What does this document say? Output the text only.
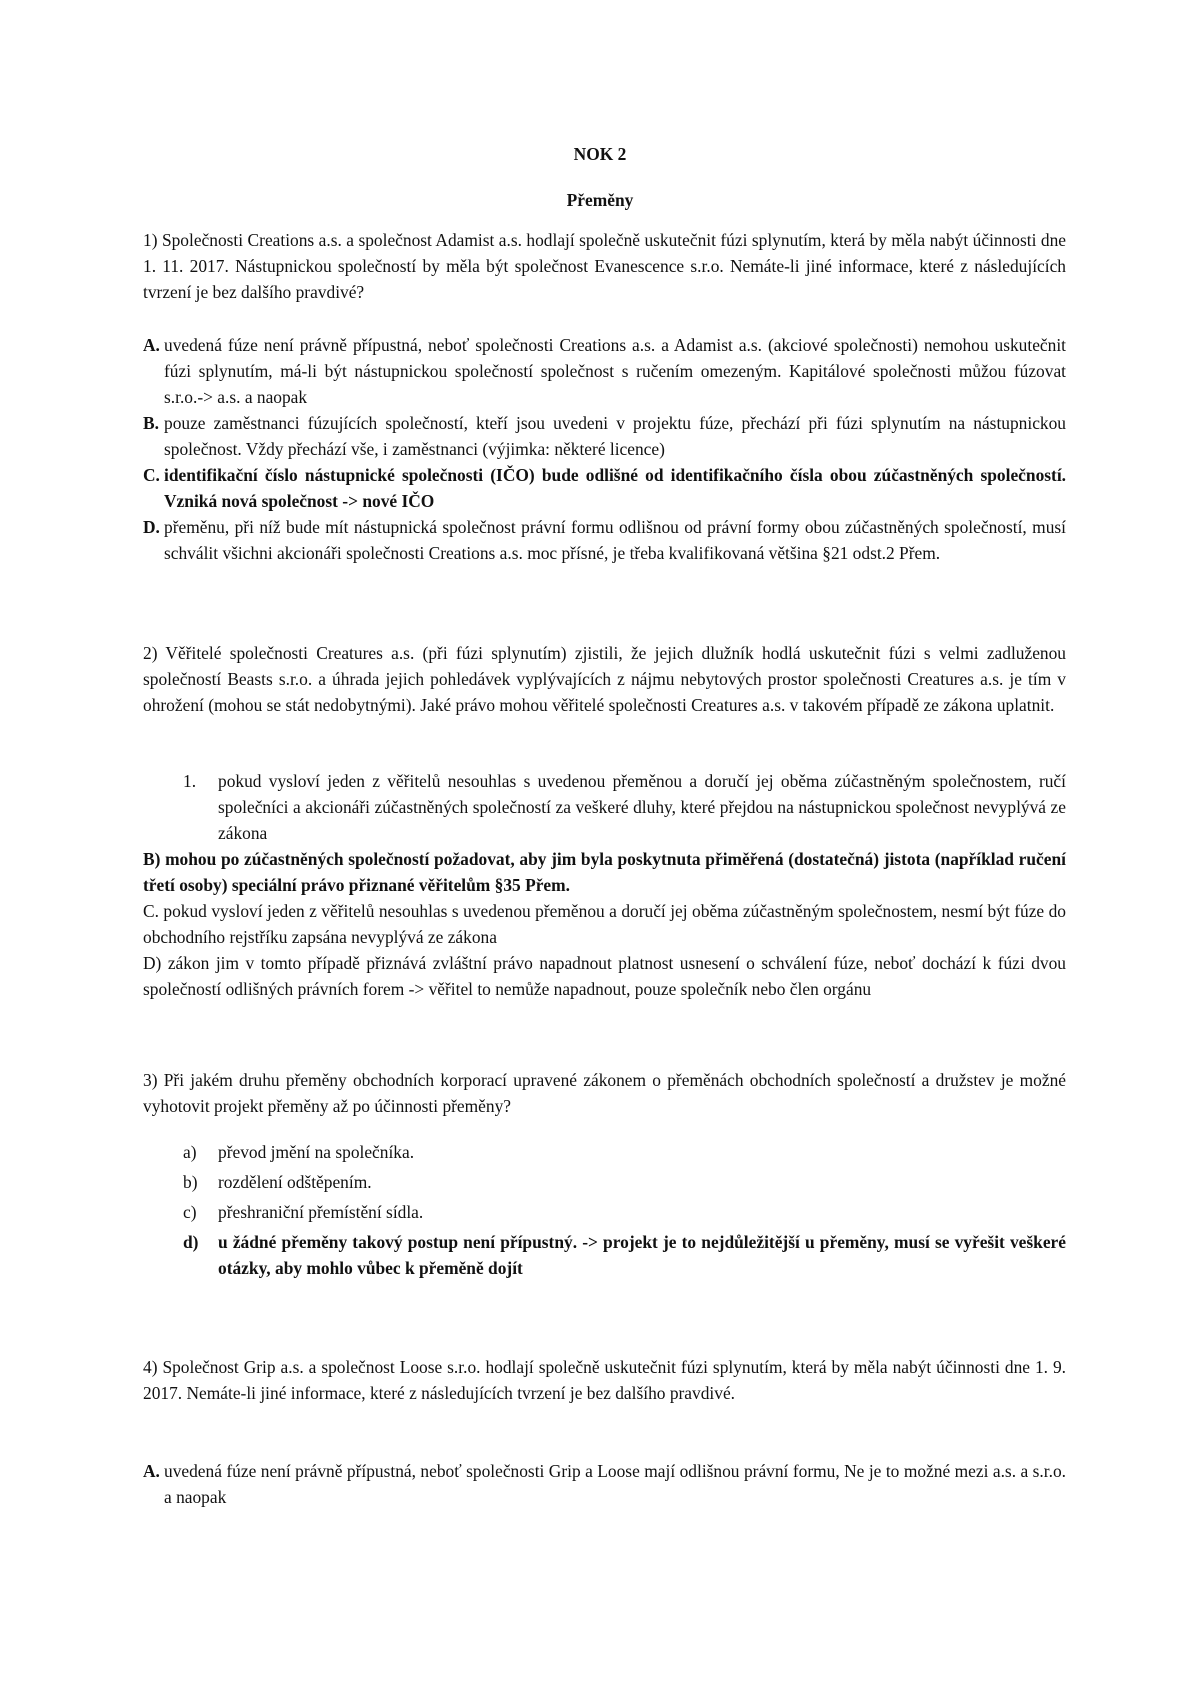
NOK 2
Přeměny
1) Společnosti Creations a.s. a společnost Adamist a.s. hodlají společně uskutečnit fúzi splynutím, která by měla nabýt účinnosti dne 1. 11. 2017. Nástupnickou společností by měla být společnost Evanescence s.r.o. Nemáte-li jiné informace, které z následujících tvrzení je bez dalšího pravdivé?
A. uvedená fúze není právně přípustná, neboť společnosti Creations a.s. a Adamist a.s. (akciové společnosti) nemohou uskutečnit fúzi splynutím, má-li být nástupnickou společností společnost s ručením omezeným. Kapitálové společnosti můžou fúzovat s.r.o.-> a.s. a naopak
B. pouze zaměstnanci fúzujících společností, kteří jsou uvedeni v projektu fúze, přechází při fúzi splynutím na nástupnickou společnost. Vždy přechází vše, i zaměstnanci (výjimka: některé licence)
C. identifikační číslo nástupnické společnosti (IČO) bude odlišné od identifikačního čísla obou zúčastněných společností. Vzniká nová společnost -> nové IČO
D. přeměnu, při níž bude mít nástupnická společnost právní formu odlišnou od právní formy obou zúčastněných společností, musí schválit všichni akcionáři společnosti Creations a.s. moc přísné, je třeba kvalifikovaná většina §21 odst.2 Přem.
2) Věřitelé společnosti Creatures a.s. (při fúzi splynutím) zjistili, že jejich dlužník hodlá uskutečnit fúzi s velmi zadluženou společností Beasts s.r.o. a úhrada jejich pohledávek vyplývajících z nájmu nebytových prostor společnosti Creatures a.s. je tím v ohrožení (mohou se stát nedobytnými). Jaké právo mohou věřitelé společnosti Creatures a.s. v takovém případě ze zákona uplatnit.
1. pokud vysloví jeden z věřitelů nesouhlas s uvedenou přeměnou a doručí jej oběma zúčastněným společnostem, ručí společníci a akcionáři zúčastněných společností za veškeré dluhy, které přejdou na nástupnickou společnost nevyplývá ze zákona
B) mohou po zúčastněných společností požadovat, aby jim byla poskytnuta přiměřená (dostatečná) jistota (například ručení třetí osoby) speciální právo přiznané věřitelům §35 Přem.
C. pokud vysloví jeden z věřitelů nesouhlas s uvedenou přeměnou a doručí jej oběma zúčastněným společnostem, nesmí být fúze do obchodního rejstříku zapsána nevyplývá ze zákona
D) zákon jim v tomto případě přiznává zvláštní právo napadnout platnost usnesení o schválení fúze, neboť dochází k fúzi dvou společností odlišných právních forem -> věřitel to nemůže napadnout, pouze společník nebo člen orgánu
3) Při jakém druhu přeměny obchodních korporací upravené zákonem o přeměnách obchodních společností a družstev je možné vyhotovit projekt přeměny až po účinnosti přeměny?
a) převod jmění na společníka.
b) rozdělení odštěpením.
c) přeshraniční přemístění sídla.
d) u žádné přeměny takový postup není přípustný. -> projekt je to nejdůležitější u přeměny, musí se vyřešit veškeré otázky, aby mohlo vůbec k přeměně dojít
4) Společnost Grip a.s. a společnost Loose s.r.o. hodlají společně uskutečnit fúzi splynutím, která by měla nabýt účinnosti dne 1. 9. 2017. Nemáte-li jiné informace, které z následujících tvrzení je bez dalšího pravdivé.
A. uvedená fúze není právně přípustná, neboť společnosti Grip a Loose mají odlišnou právní formu, Ne je to možné mezi a.s. a s.r.o. a naopak
